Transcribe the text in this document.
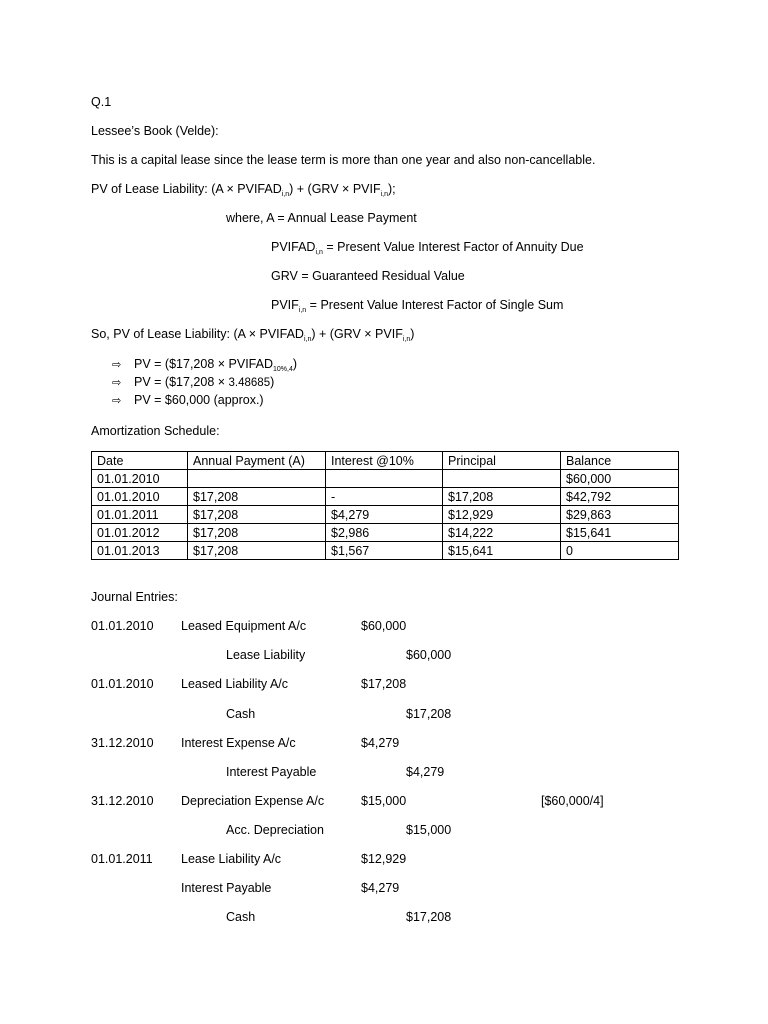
Q.1
Lessee’s Book (Velde):
This is a capital lease since the lease term is more than one year and also non-cancellable.
PV of Lease Liability: $(A \times PVIFAD_{i,n}) + (GRV$ × $PVIF_{i,n}$);
where, A = Annual Lease Payment
$PVIFAD_{i,n}$ = Present Value Interest Factor of Annuity Due
GRV = Guaranteed Residual Value
$PVIF_{i,n}$ = Present Value Interest Factor of Single Sum
So, PV of Lease Liability: $(A \times PVIFAD_{i,n}) + (GRV$ × $PVIF_{i,n}$)
⇨ PV = ($17,208 × $PVIFAD_{10\%,4}$)
⇨ PV = ($17,208 × 3.48685)
⇨ PV = $60,000 (approx.)
Amortization Schedule:
Date	Annual Payment (A)	Interest @10%	Principal	Balance
01.01.2010				$60,000
01.01.2010	$17,208	-	$17,208	$42,792
01.01.2011	$17,208	$4,279	$12,929	$29,863
01.01.2012	$17,208	$2,986	$14,222	$15,641
01.01.2013	$17,208	$1,567	$15,641	0
Journal Entries:
01.01.2010 Leased Equipment A/c	$60,000
Lease Liability	$60,000
01.01.2010 Leased Liability A/c	$17,208
Cash	$17,208
31.12.2010 Interest Expense A/c	$4,279
Interest Payable	$4,279
31.12.2010 Depreciation Expense A/c	$15,000	[$60,000/4]
Acc. Depreciation	$15,000
01.01.2011 Lease Liability A/c	$12,929
Interest Payable	$4,279
Cash	$17,208
